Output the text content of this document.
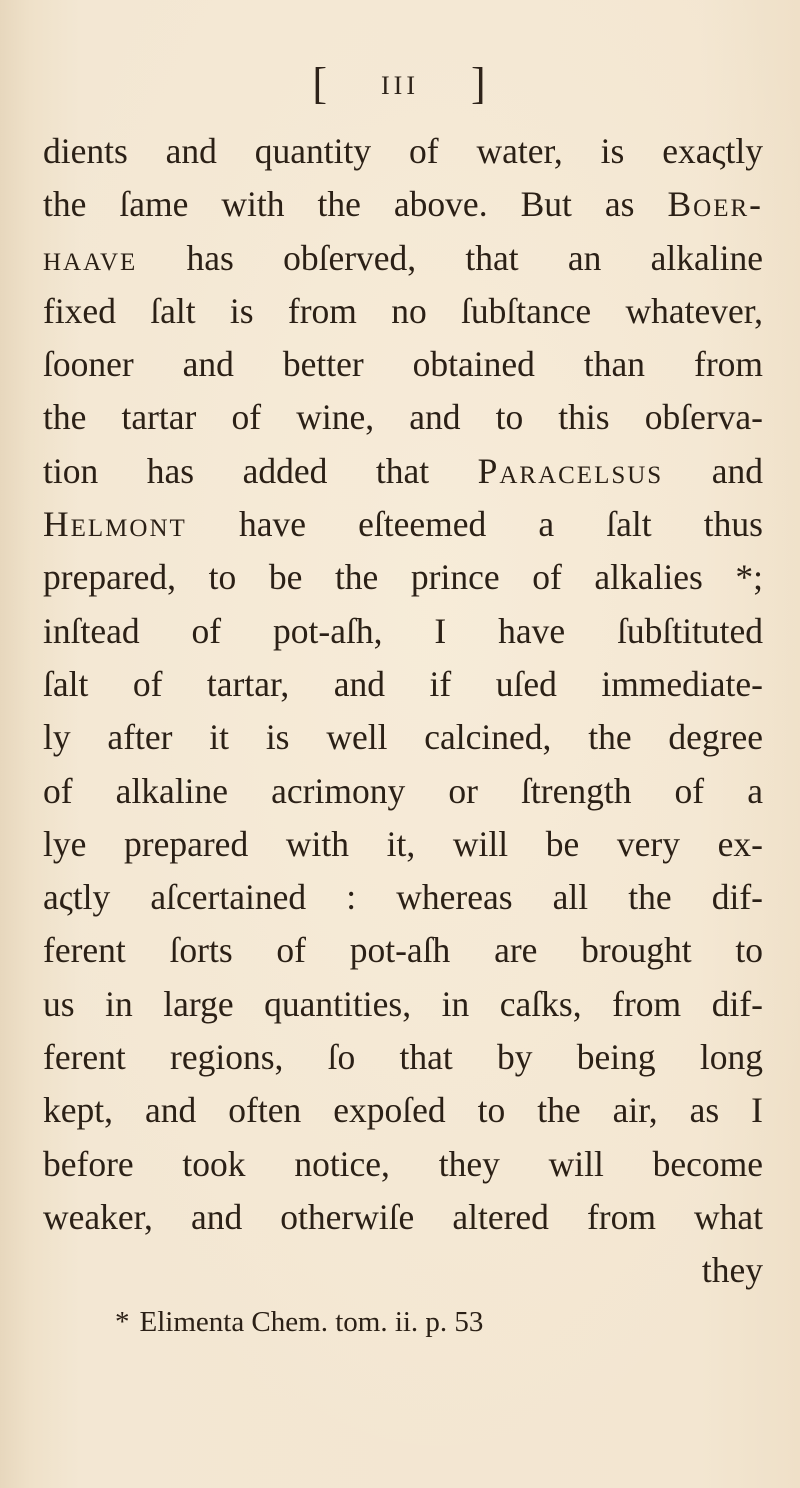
[ III ]
dients and quantity of water, is exaςtly
the ſame with the above. But as Boer-
haave has obſerved, that an alkaline
fixed ſalt is from no ſubſtance whatever,
ſooner and better obtained than from
the tartar of wine, and to this obſerva-
tion has added that Paracelsus and
Helmont have eſteemed a ſalt thus
prepared, to be the prince of alkalies *;
inſtead of pot-aſh, I have ſubſtituted
ſalt of tartar, and if uſed immediate-
ly after it is well calcined, the degree
of alkaline acrimony or ſtrength of a
lye prepared with it, will be very ex-
aςtly aſcertained : whereas all the dif-
ferent ſorts of pot-aſh are brought to
us in large quantities, in caſks, from dif-
ferent regions, ſo that by being long
kept, and often expoſed to the air, as I
before took notice, they will become
weaker, and otherwiſe altered from what
they
* Elimenta Chem. tom. ii. p. 53
